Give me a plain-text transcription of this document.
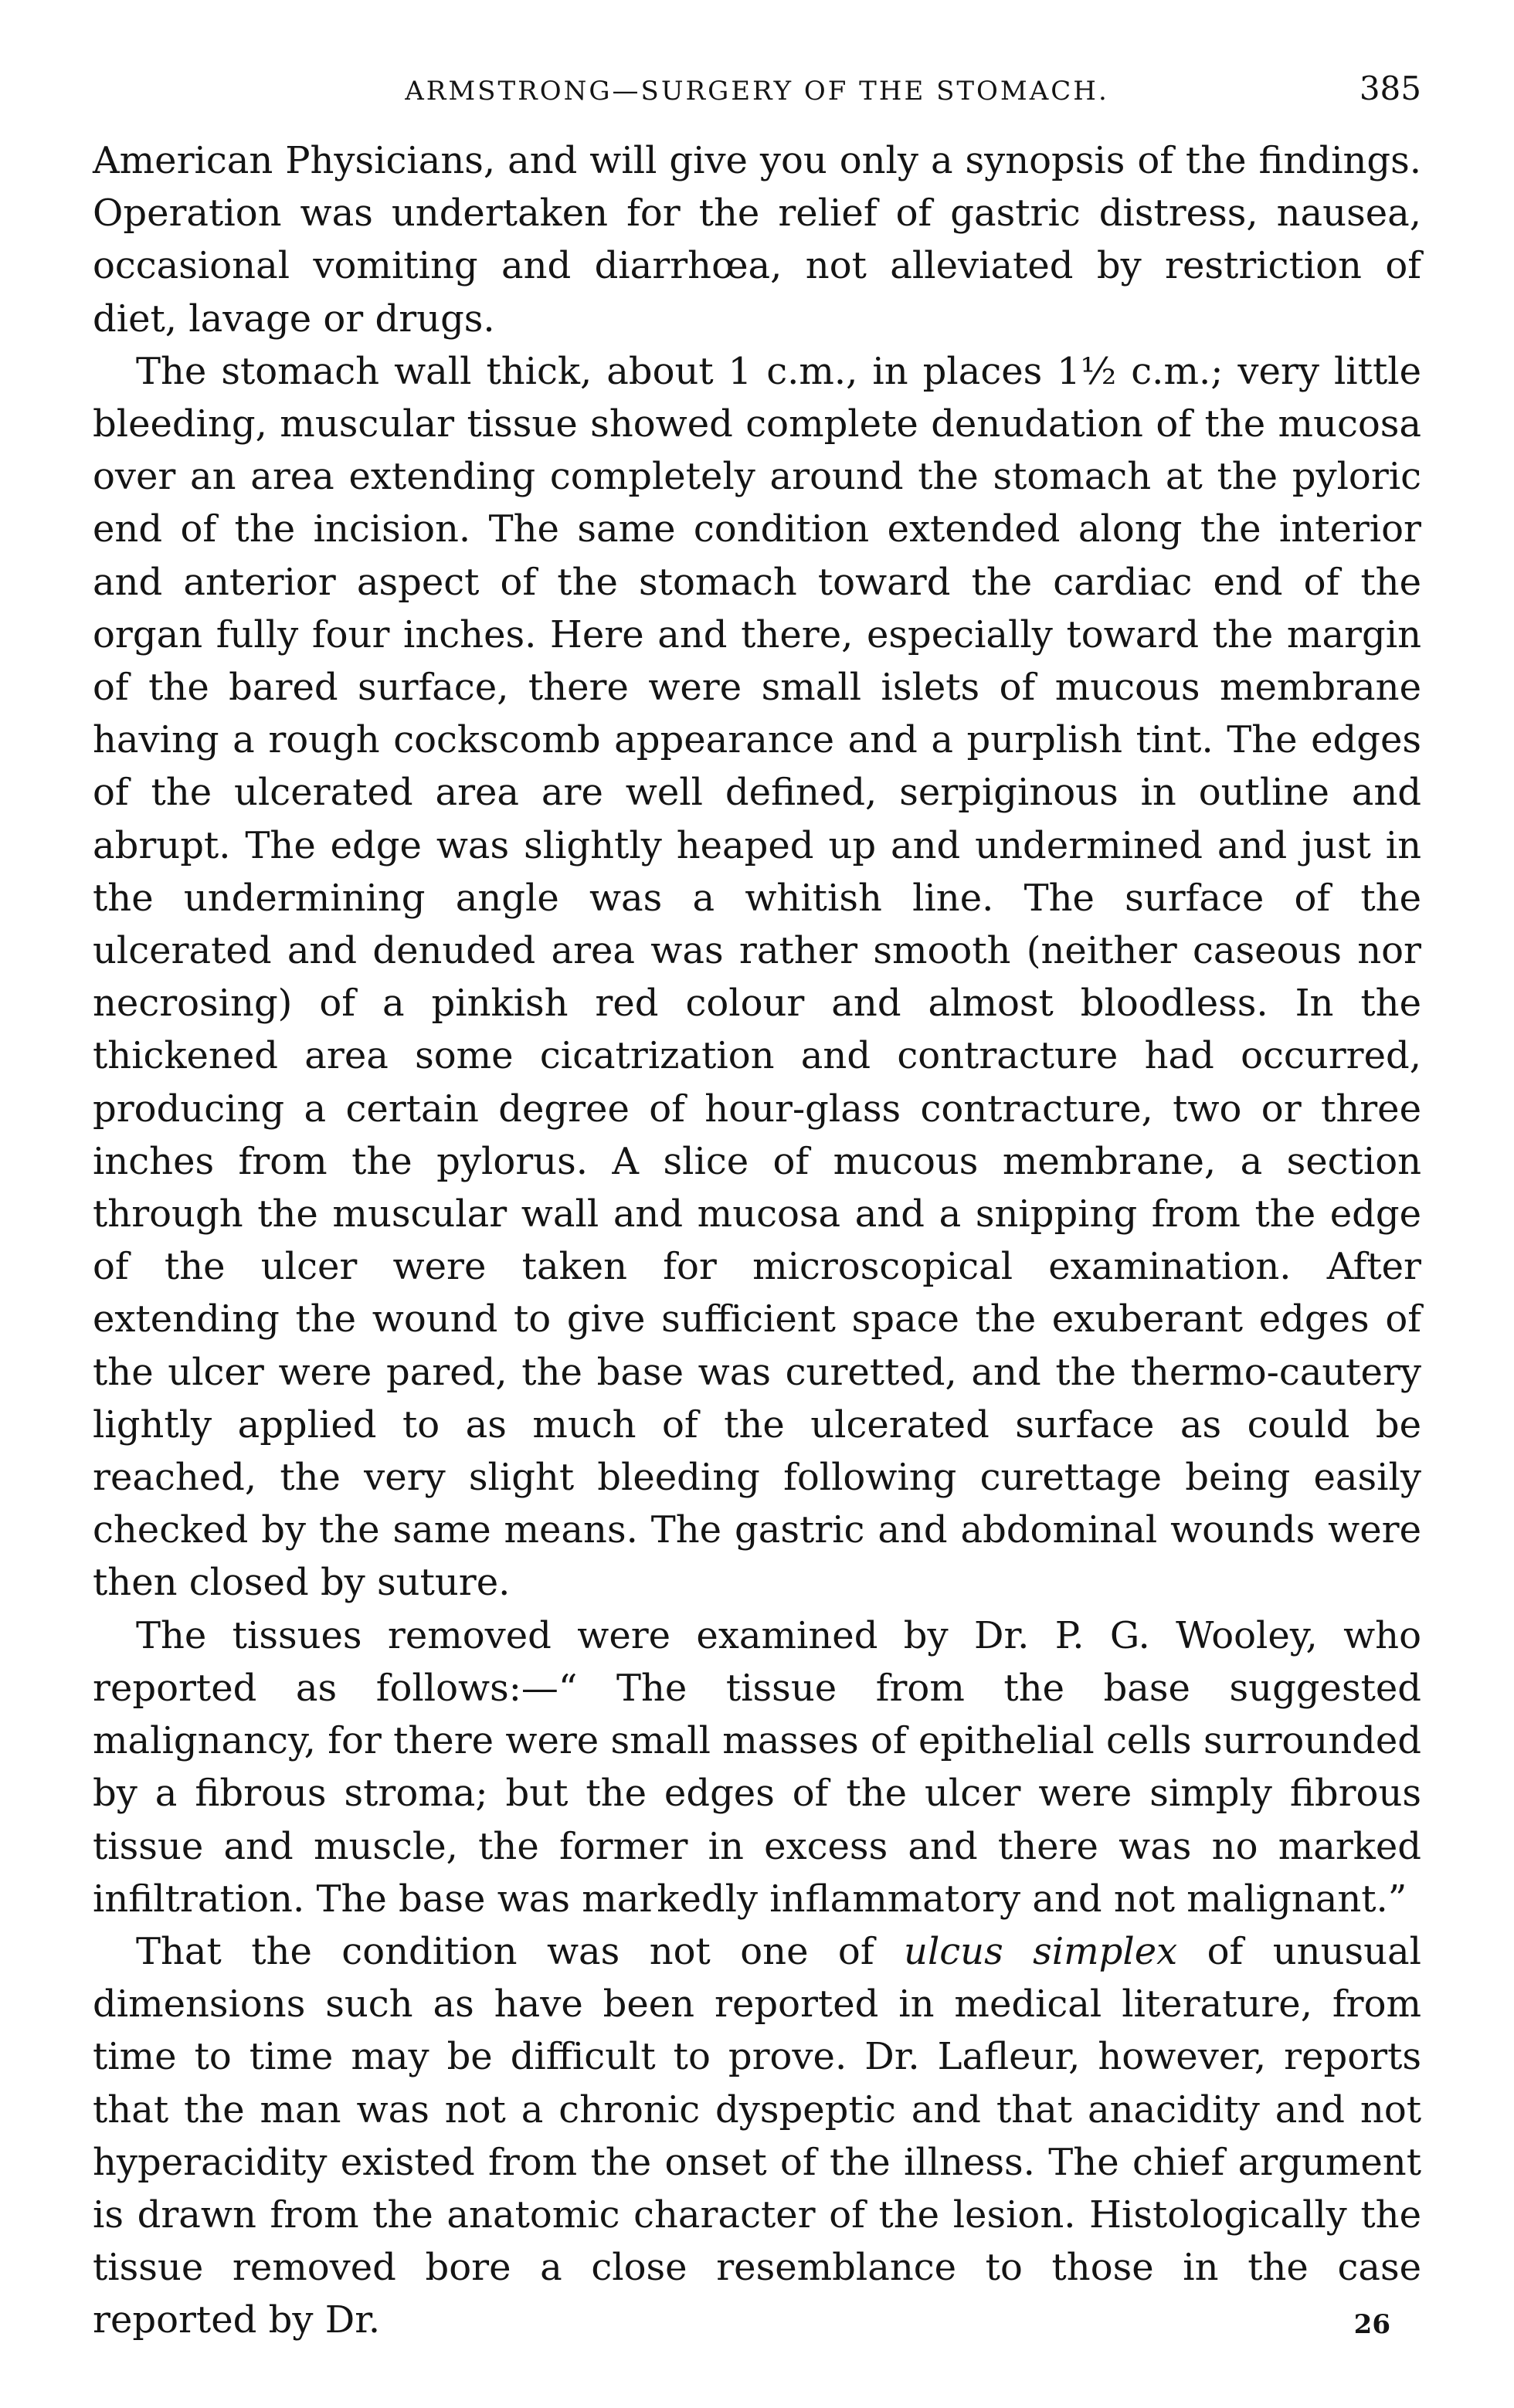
ARMSTRONG—SURGERY OF THE STOMACH.	385

American Physicians, and will give you only a synopsis of the findings. Operation was undertaken for the relief of gastric distress, nausea, occasional vomiting and diarrhœa, not alleviated by restriction of diet, lavage or drugs.

The stomach wall thick, about 1 c.m., in places 1½ c.m.; very little bleeding, muscular tissue showed complete denudation of the mucosa over an area extending completely around the stomach at the pyloric end of the incision. The same condition extended along the interior and anterior aspect of the stomach toward the cardiac end of the organ fully four inches. Here and there, especially toward the margin of the bared surface, there were small islets of mucous membrane having a rough cockscomb appearance and a purplish tint. The edges of the ulcerated area are well defined, serpiginous in outline and abrupt. The edge was slightly heaped up and undermined and just in the undermining angle was a whitish line. The surface of the ulcerated and denuded area was rather smooth (neither caseous nor necrosing) of a pinkish red colour and almost bloodless. In the thickened area some cicatrization and contracture had occurred, producing a certain degree of hour-glass contracture, two or three inches from the pylorus. A slice of mucous membrane, a section through the muscular wall and mucosa and a snipping from the edge of the ulcer were taken for microscopical examination. After extending the wound to give sufficient space the exuberant edges of the ulcer were pared, the base was curetted, and the thermo-cautery lightly applied to as much of the ulcerated surface as could be reached, the very slight bleeding following curettage being easily checked by the same means. The gastric and abdominal wounds were then closed by suture.

The tissues removed were examined by Dr. P. G. Wooley, who reported as follows:—“ The tissue from the base suggested malignancy, for there were small masses of epithelial cells surrounded by a fibrous stroma; but the edges of the ulcer were simply fibrous tissue and muscle, the former in excess and there was no marked infiltration. The base was markedly inflammatory and not malignant.”

That the condition was not one of ulcus simplex of unusual dimensions such as have been reported in medical literature, from time to time may be difficult to prove. Dr. Lafleur, however, reports that the man was not a chronic dyspeptic and that anacidity and not hyperacidity existed from the onset of the illness. The chief argument is drawn from the anatomic character of the lesion. Histologically the tissue removed bore a close resemblance to those in the case reported by Dr.	26
